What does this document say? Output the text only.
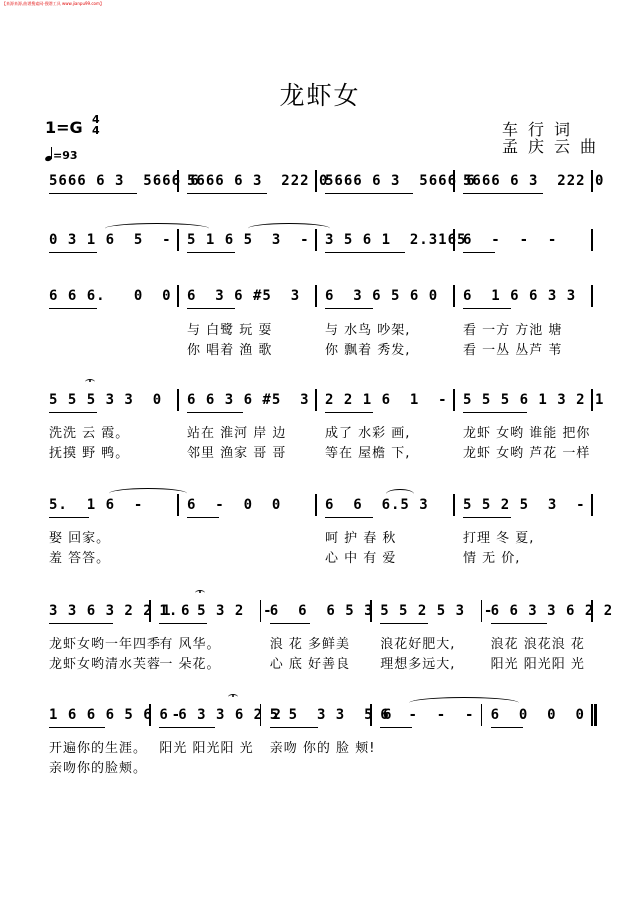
【来源来源,曲谱搜索网-搜谱工具 www.jianpu99.com】
龙虾女
1=G 4
4
=93
车行词
孟庆云曲
5666 6 3  5666 6
5666 6 3  222 0
5666 6 3  5666 6
5666 6 3  222 0
0 3 1 6  5  - 5 1 6 5  3  - 3 5 6 1  2.3165
6  -  -  -
6 6 6.   0  0 6  3 6 #5  3
与 白鹭 玩 耍
你 唱着 渔 歌
6  3 6 5 6 0
与 水鸟 吵架,
你 飘着 秀发,
6  1 6 6 3 3
看 一方 方池 塘
看 一丛 丛芦 苇
5 5 5 3 3  0
洗洗 云 霞。
抚摸 野 鸭。
6 6 3 6 #5  3
站在 淮河 岸 边
邻里 渔家 哥 哥
2 2 1 6  1  -
成了 水彩 画,
等在 屋檐 下,
5 5 5 6 1 3 2 1
龙虾 女哟 谁能 把你
龙虾 女哟 芦花 一样
5.  1 6  -
娶 回家。
羞 答答。
6  -  0  0	6  6  6.5 3
呵 护 春 秋
心 中 有 爱
5 5 2 5  3  -
打理 冬 夏,
情 无 价,
3 3 6 3 2 2 1 6
龙虾女哟一年四季
龙虾女哟清水芙蓉
1.  5 3 2  -
有 风华。
一 朵花。
6  6  6 5 3
浪 花 多鲜美
心 底 好善良
5 5 2 5 3  -
浪花好肥大,
理想多远大,
6 6 3 3 6 2 2
浪花 浪花浪 花
阳光 阳光阳 光
1 6 6 6 5 6  -
开遍你的生涯。
亲吻你的脸颊。
6 6 3 3 6 2 2
阳光 阳光阳 光
5 5  3 3  5 6
亲吻 你的 脸 颊!
6  -  -  - 6  0  0  0
